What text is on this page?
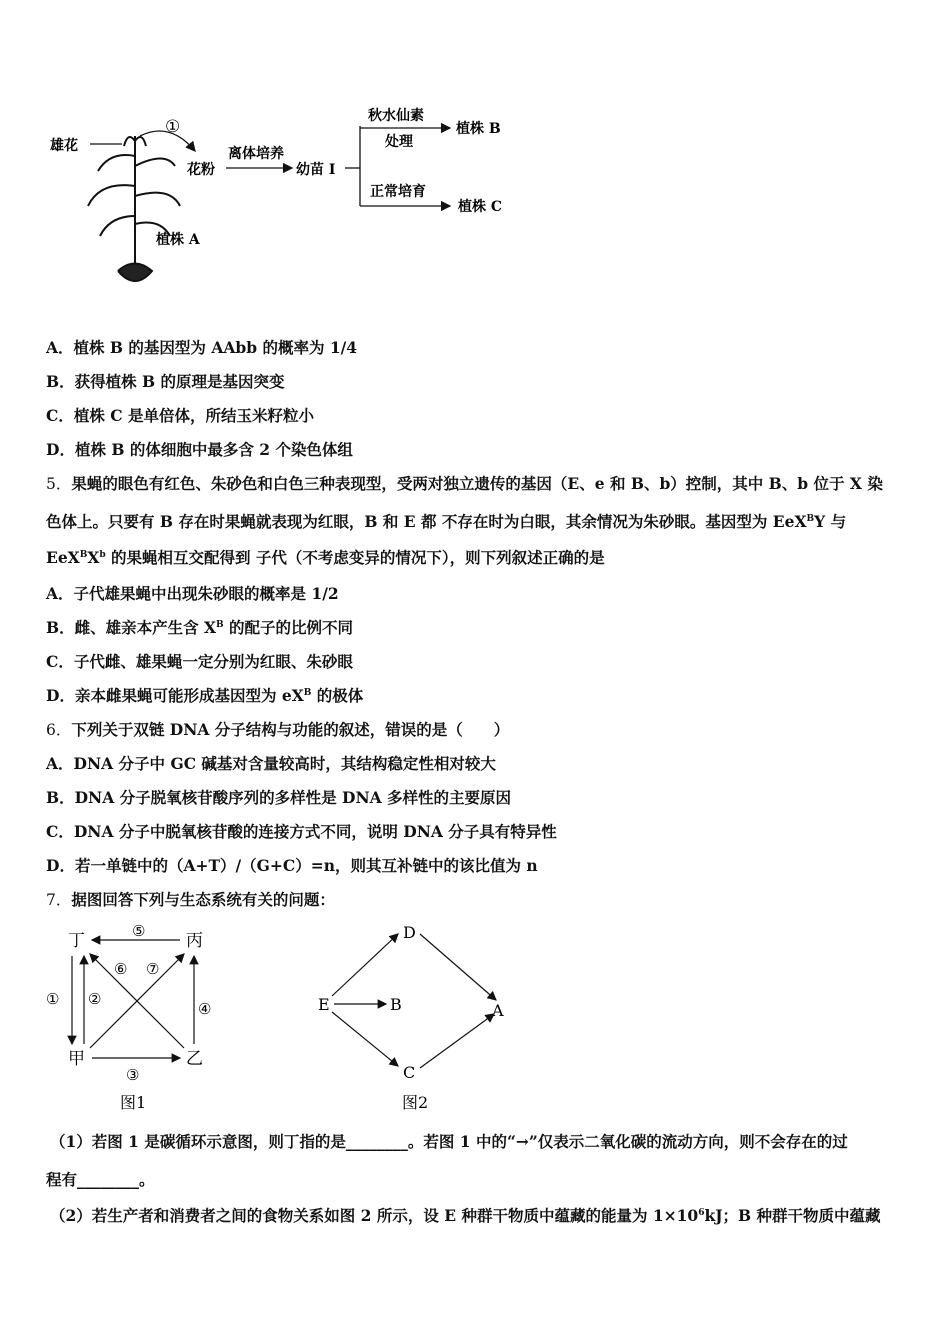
雄花
①
花粉
离体培养
幼苗 I
秋水仙素
处理
正常培育
植株 B
植株 C
植株 A
A．植株 B 的基因型为 AAbb 的概率为 1/4
B．获得植株 B 的原理是基因突变
C．植株 C 是单倍体，所结玉米籽粒小
D．植株 B 的体细胞中最多含 2 个染色体组
5．果蝇的眼色有红色、朱砂色和白色三种表现型，受两对独立遗传的基因（E、e 和 B、b）控制，其中 B、b 位于 X 染
色体上。只要有 B 存在时果蝇就表现为红眼，B 和 E 都 不存在时为白眼，其余情况为朱砂眼。基因型为 EeX$^B$Y 与
$EeX^BX^b$ 的果蝇相互交配得到 子代（不考虑变异的情况下），则下列叙述正确的是
A．子代雄果蝇中出现朱砂眼的概率是 1/2
B．雌、雄亲本产生含 $X^B$ 的配子的比例不同
C．子代雌、雄果蝇一定分别为红眼、朱砂眼
D．亲本雌果蝇可能形成基因型为 $eX^B$ 的极体
6．下列关于双链 DNA 分子结构与功能的叙述，错误的是（　　）
A．DNA 分子中 GC 碱基对含量较高时，其结构稳定性相对较大
B．DNA 分子脱氧核苷酸序列的多样性是 DNA 多样性的主要原因
C．DNA 分子中脱氧核苷酸的连接方式不同，说明 DNA 分子具有特异性
D．若一单链中的（A+T）/（G+C）=n，则其互补链中的该比值为 n
7．据图回答下列与生态系统有关的问题：
丁	丙
甲	乙
⑤
① ②
④
③
⑥ ⑦
图1
D
E	B	A
C
图2
（1）若图 1 是碳循环示意图，则丁指的是________。若图 1 中的“→”仅表示二氧化碳的流动方向，则不会存在的过
程有________。
（2）若生产者和消费者之间的食物关系如图 2 所示，设 E 种群干物质中蕴藏的能量为 $1\times 10^6kJ$；B 种群干物质中蕴藏
